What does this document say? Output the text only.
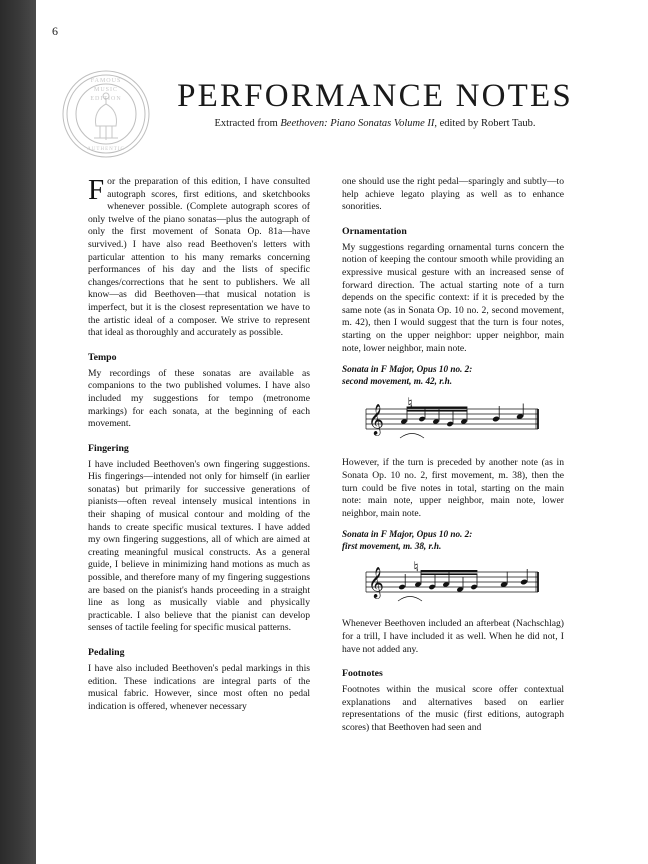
6
FAMOUS
MUSIC
EDITION
AUTHENTIC
PERFORMANCE NOTES
Extracted from Beethoven: Piano Sonatas Volume II, edited by Robert Taub.

For the preparation of this edition, I have consulted autograph scores, first editions, and sketchbooks whenever possible. (Complete autograph scores of only twelve of the piano sonatas—plus the autograph of only the first movement of Sonata Op. 81a—have survived.) I have also read Beethoven's letters with particular attention to his many remarks concerning performances of his day and the lists of specific changes/corrections that he sent to publishers. We all know—as did Beethoven—that musical notation is imperfect, but it is the closest representation we have to the artistic ideal of a composer. We strive to represent that ideal as thoroughly and accurately as possible.

Tempo

My recordings of these sonatas are available as companions to the two published volumes. I have also included my suggestions for tempo (metronome markings) for each sonata, at the beginning of each movement.

Fingering

I have included Beethoven's own fingering suggestions. His fingerings—intended not only for himself (in earlier sonatas) but primarily for successive generations of pianists—often reveal intensely musical intentions in their shaping of musical contour and molding of the hands to create specific musical textures. I have added my own fingering suggestions, all of which are aimed at creating meaningful musical constructs. As a general guide, I believe in minimizing hand motions as much as possible, and therefore many of my fingering suggestions are based on the pianist's hands proceeding in a straight line as long as musically viable and physically practicable. I also believe that the pianist can develop senses of tactile feeling for specific musical patterns.

Pedaling

I have also included Beethoven's pedal markings in this edition. These indications are integral parts of the musical fabric. However, since most often no pedal indication is offered, whenever necessary

one should use the right pedal—sparingly and subtly—to help achieve legato playing as well as to enhance sonorities.

Ornamentation

My suggestions regarding ornamental turns concern the notion of keeping the contour smooth while providing an expressive musical gesture with an increased sense of forward direction. The actual starting note of a turn depends on the specific context: if it is preceded by the same note (as in Sonata Op. 10 no. 2, second movement, m. 42), then I would suggest that the turn is four notes, starting on the upper neighbor: upper neighbor, main note, lower neighbor, main note.

Sonata in F Major, Opus 10 no. 2:
second movement, m. 42, r.h.
𝄞
𝄯

However, if the turn is preceded by another note (as in Sonata Op. 10 no. 2, first movement, m. 38), then the turn could be five notes in total, starting on the main note: main note, upper neighbor, main note, lower neighbor, main note.

Sonata in F Major, Opus 10 no. 2:
first movement, m. 38, r.h.
𝄞
𝄯

Whenever Beethoven included an afterbeat (Nachschlag) for a trill, I have included it as well. When he did not, I have not added any.

Footnotes

Footnotes within the musical score offer contextual explanations and alternatives based on earlier representations of the music (first editions, autograph scores) that Beethoven had seen and
